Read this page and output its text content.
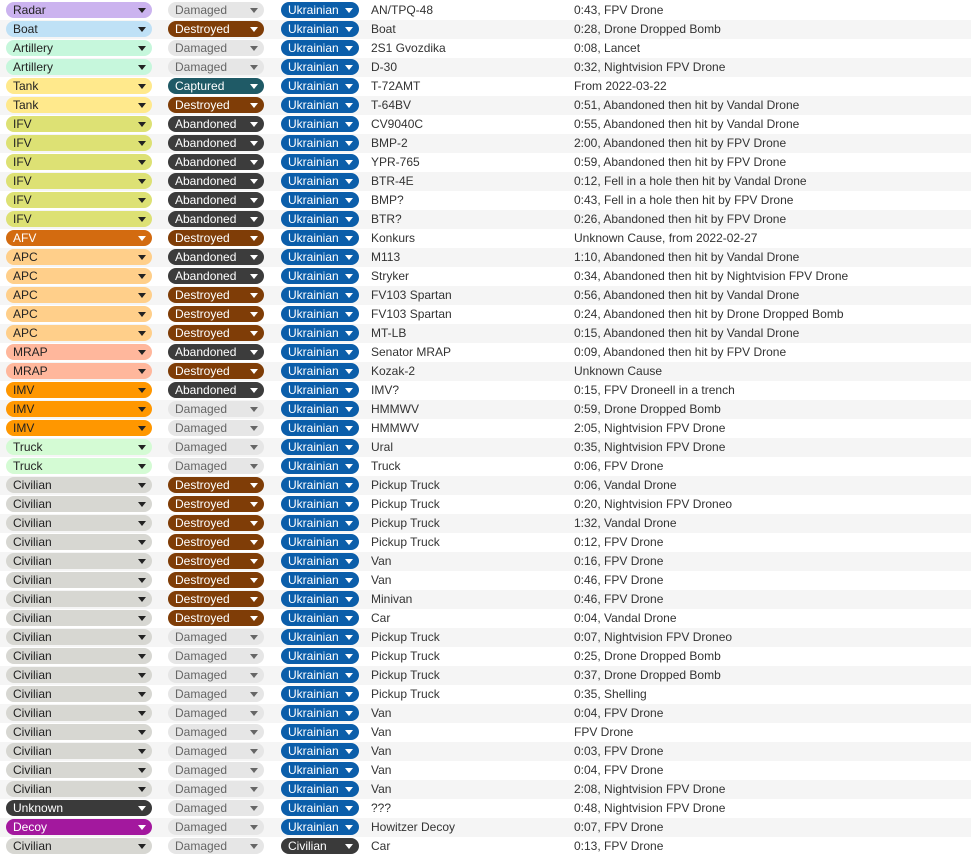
Radar	Damaged	Ukrainian	AN/TPQ-48	0:43, FPV Drone
Boat	Destroyed	Ukrainian	Boat	0:28, Drone Dropped Bomb
Artillery	Damaged	Ukrainian	2S1 Gvozdika	0:08, Lancet
Artillery	Damaged	Ukrainian	D-30	0:32, Nightvision FPV Drone
Tank	Captured	Ukrainian	T-72AMT	From 2022-03-22
Tank	Destroyed	Ukrainian	T-64BV	0:51, Abandoned then hit by Vandal Drone
IFV	Abandoned	Ukrainian	CV9040C	0:55, Abandoned then hit by Vandal Drone
IFV	Abandoned	Ukrainian	BMP-2	2:00, Abandoned then hit by FPV Drone
IFV	Abandoned	Ukrainian	YPR-765	0:59, Abandoned then hit by FPV Drone
IFV	Abandoned	Ukrainian	BTR-4E	0:12, Fell in a hole then hit by Vandal Drone
IFV	Abandoned	Ukrainian	BMP?	0:43, Fell in a hole then hit by FPV Drone
IFV	Abandoned	Ukrainian	BTR?	0:26, Abandoned then hit by FPV Drone
AFV	Destroyed	Ukrainian	Konkurs	Unknown Cause, from 2022-02-27
APC	Abandoned	Ukrainian	M113	1:10, Abandoned then hit by Vandal Drone
APC	Abandoned	Ukrainian	Stryker	0:34, Abandoned then hit by Nightvision FPV Drone
APC	Destroyed	Ukrainian	FV103 Spartan	0:56, Abandoned then hit by Vandal Drone
APC	Destroyed	Ukrainian	FV103 Spartan	0:24, Abandoned then hit by Drone Dropped Bomb
APC	Destroyed	Ukrainian	MT-LB	0:15, Abandoned then hit by Vandal Drone
MRAP	Abandoned	Ukrainian	Senator MRAP	0:09, Abandoned then hit by FPV Drone
MRAP	Destroyed	Ukrainian	Kozak-2	Unknown Cause
IMV	Abandoned	Ukrainian	IMV?	0:15, FPV Droneell in a trench
IMV	Damaged	Ukrainian	HMMWV	0:59, Drone Dropped Bomb
IMV	Damaged	Ukrainian	HMMWV	2:05, Nightvision FPV Drone
Truck	Damaged	Ukrainian	Ural	0:35, Nightvision FPV Drone
Truck	Damaged	Ukrainian	Truck	0:06, FPV Drone
Civilian	Destroyed	Ukrainian	Pickup Truck	0:06, Vandal Drone
Civilian	Destroyed	Ukrainian	Pickup Truck	0:20, Nightvision FPV Droneo
Civilian	Destroyed	Ukrainian	Pickup Truck	1:32, Vandal Drone
Civilian	Destroyed	Ukrainian	Pickup Truck	0:12, FPV Drone
Civilian	Destroyed	Ukrainian	Van	0:16, FPV Drone
Civilian	Destroyed	Ukrainian	Van	0:46, FPV Drone
Civilian	Destroyed	Ukrainian	Minivan	0:46, FPV Drone
Civilian	Destroyed	Ukrainian	Car	0:04, Vandal Drone
Civilian	Damaged	Ukrainian	Pickup Truck	0:07, Nightvision FPV Droneo
Civilian	Damaged	Ukrainian	Pickup Truck	0:25, Drone Dropped Bomb
Civilian	Damaged	Ukrainian	Pickup Truck	0:37, Drone Dropped Bomb
Civilian	Damaged	Ukrainian	Pickup Truck	0:35, Shelling
Civilian	Damaged	Ukrainian	Van	0:04, FPV Drone
Civilian	Damaged	Ukrainian	Van	FPV Drone
Civilian	Damaged	Ukrainian	Van	0:03, FPV Drone
Civilian	Damaged	Ukrainian	Van	0:04, FPV Drone
Civilian	Damaged	Ukrainian	Van	2:08, Nightvision FPV Drone
Unknown	Damaged	Ukrainian	???	0:48, Nightvision FPV Drone
Decoy	Damaged	Ukrainian	Howitzer Decoy	0:07, FPV Drone
Civilian	Damaged	Civilian	Car	0:13, FPV Drone
